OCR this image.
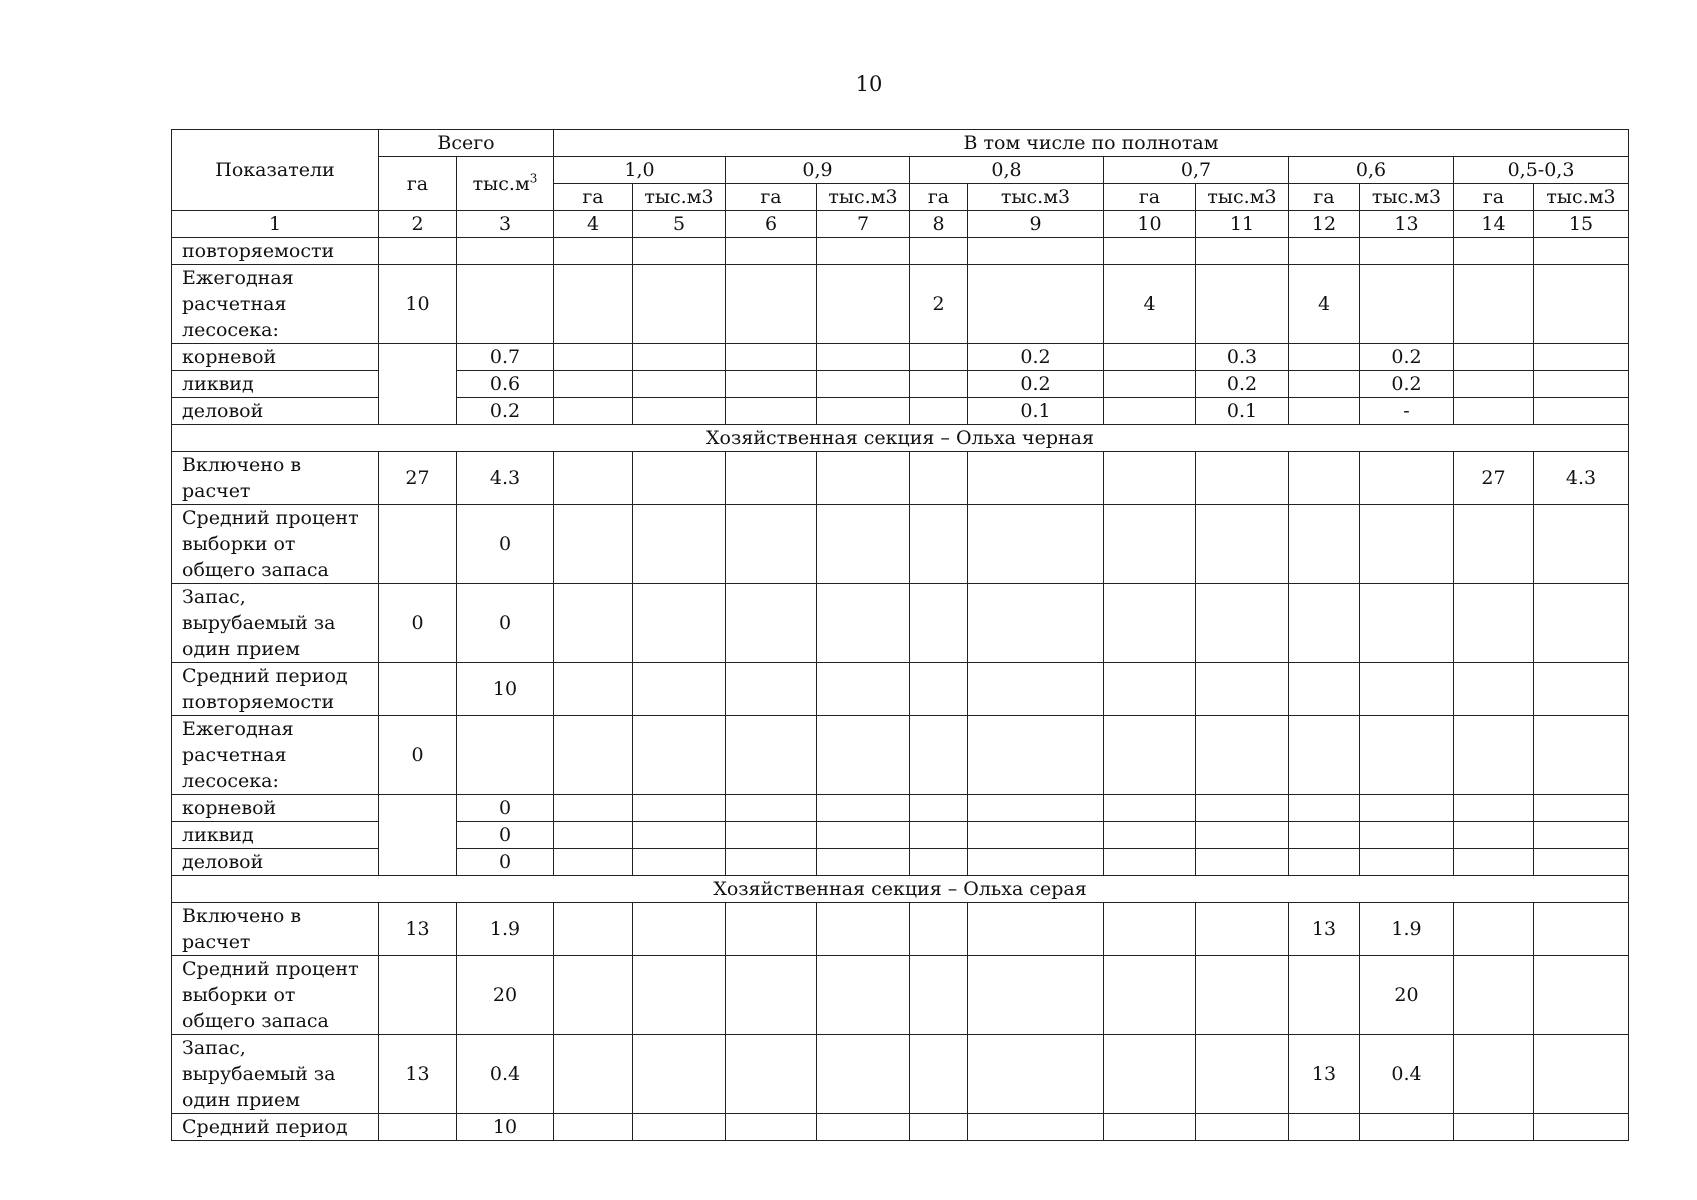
10
Показатели	Всего		В том числе по полнотам											
	га	$тыс.м^3$	1,0		0,9		0,8		0,7		0,6		0,5-0,3	
			га	тыс.м3	га	тыс.м3	га	тыс.м3	га	тыс.м3	га	тыс.м3	га	тыс.м3
1	2	3	4	5	6	7	8	9	10	11	12	13	14	15
повторяемости														
Ежегодная расчетная лесосека:	10						2		4		4			
корневой		0.7						0.2		0.3		0.2		
ликвид		0.6						0.2		0.2		0.2		
деловой		0.2						0.1		0.1		-		
Хозяйственная секция – Ольха черная														
Включено в расчет	27	4.3											27	4.3
Средний процент выборки от общего запаса		0												
Запас, вырубаемый за один прием	0	0												
Средний период повторяемости		10												
Ежегодная расчетная лесосека:	0													
корневой		0												
ликвид		0												
деловой		0												
Хозяйственная секция – Ольха серая														
Включено в расчет	13	1.9									13	1.9		
Средний процент выборки от общего запаса		20										20		
Запас, вырубаемый за один прием	13	0.4									13	0.4		
Средний период		10												
